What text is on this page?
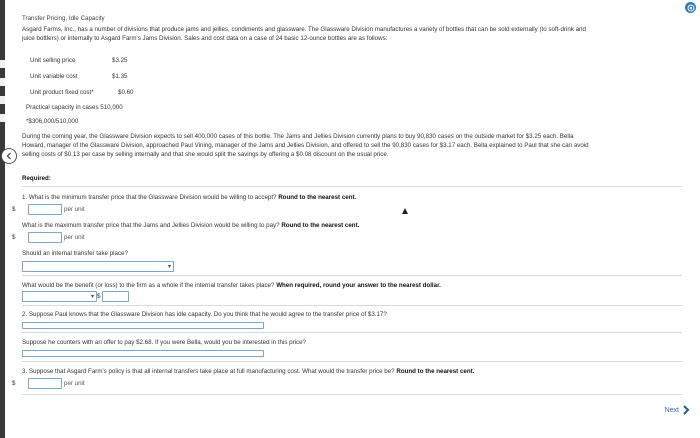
Transfer Pricing, Idle Capacity
Asgard Farms, Inc., has a number of divisions that produce jams and jellies, condiments and glassware. The Glassware Division manufactures a variety of bottles that can be sold externally (to soft-drink and
juice bottlers) or internally to Asgard Farm's Jams Division. Sales and cost data on a case of 24 basic 12-ounce bottles are as follows:
Unit selling price	$3.25
Unit variable cost	$1.35
Unit product fixed cost*	$0.60
Practical capacity in cases 510,000
*$306,000/510,000
During the coming year, the Glassware Division expects to sell 400,000 cases of this bottle. The Jams and Jellies Division currently plans to buy 90,830 cases on the outside market for $3.25 each. Bella
Howard, manager of the Glassware Division, approached Paul Vining, manager of the Jams and Jellies Division, and offered to sell the 90,830 cases for $3.17 each. Bella explained to Paul that she can avoid
selling costs of $0.13 per case by selling internally and that she would split the savings by offering a $0.08 discount on the usual price.
Required:
1. What is the minimum transfer price that the Glassware Division would be willing to accept? Round to the nearest cent.
$	per unit
What is the maximum transfer price that the Jams and Jellies Division would be willing to pay? Round to the nearest cent.
$	per unit
Should an internal transfer take place?
▾
What would be the benefit (or loss) to the firm as a whole if the internal transfer takes place? When required, round your answer to the nearest dollar.
▾ $
2. Suppose Paul knows that the Glassware Division has idle capacity. Do you think that he would agree to the transfer price of $3.17?
Suppose he counters with an offer to pay $2.68. If you were Bella, would you be interested in this price?
3. Suppose that Asgard Farm's policy is that all internal transfers take place at full manufacturing cost. What would the transfer price be? Round to the nearest cent.
$	per unit
Next
